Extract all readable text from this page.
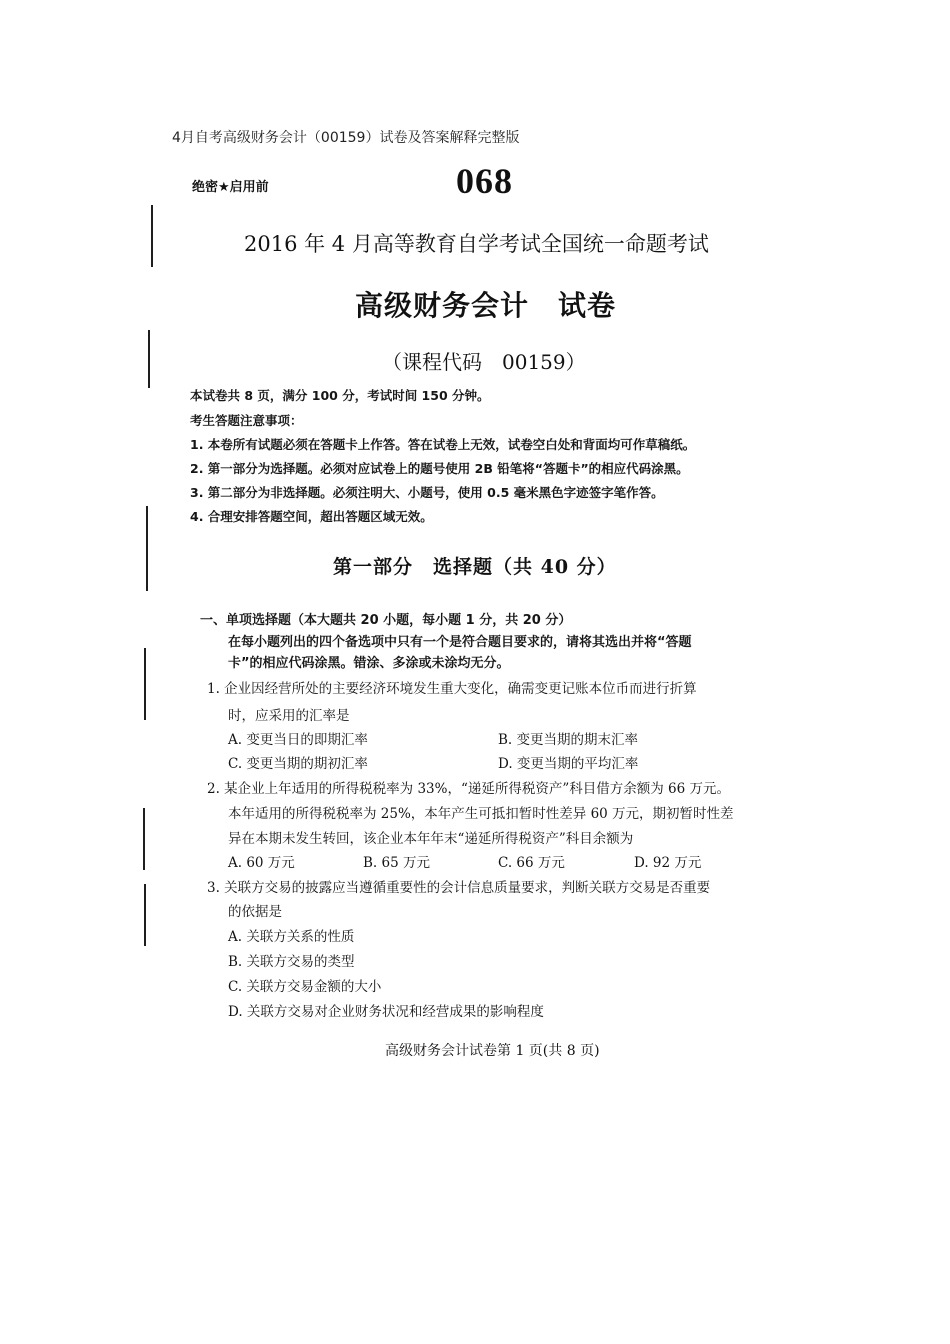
4月自考高级财务会计（00159）试卷及答案解释完整版
绝密★启用前	068
2016 年 4 月高等教育自学考试全国统一命题考试
高级财务会计　试卷
（课程代码　00159）
本试卷共 8 页，满分 100 分，考试时间 150 分钟。
考生答题注意事项：
1. 本卷所有试题必须在答题卡上作答。答在试卷上无效，试卷空白处和背面均可作草稿纸。
2. 第一部分为选择题。必须对应试卷上的题号使用 2B 铅笔将“答题卡”的相应代码涂黑。
3. 第二部分为非选择题。必须注明大、小题号，使用 0.5 毫米黑色字迹签字笔作答。
4. 合理安排答题空间，超出答题区域无效。
第一部分　选择题（共 40 分）
一、单项选择题（本大题共 20 小题，每小题 1 分，共 20 分）
在每小题列出的四个备选项中只有一个是符合题目要求的，请将其选出并将“答题
卡”的相应代码涂黑。错涂、多涂或未涂均无分。
1. 企业因经营所处的主要经济环境发生重大变化，确需变更记账本位币而进行折算
时，应采用的汇率是
A. 变更当日的即期汇率	B. 变更当期的期末汇率
C. 变更当期的期初汇率	D. 变更当期的平均汇率
2. 某企业上年适用的所得税税率为 33%，“递延所得税资产”科目借方余额为 66 万元。
本年适用的所得税税率为 25%，本年产生可抵扣暂时性差异 60 万元，期初暂时性差
异在本期未发生转回，该企业本年年末“递延所得税资产”科目余额为
A. 60 万元	B. 65 万元	C. 66 万元	D. 92 万元
3. 关联方交易的披露应当遵循重要性的会计信息质量要求，判断关联方交易是否重要
的依据是
A. 关联方关系的性质
B. 关联方交易的类型
C. 关联方交易金额的大小
D. 关联方交易对企业财务状况和经营成果的影响程度
高级财务会计试卷第 1 页(共 8 页)
